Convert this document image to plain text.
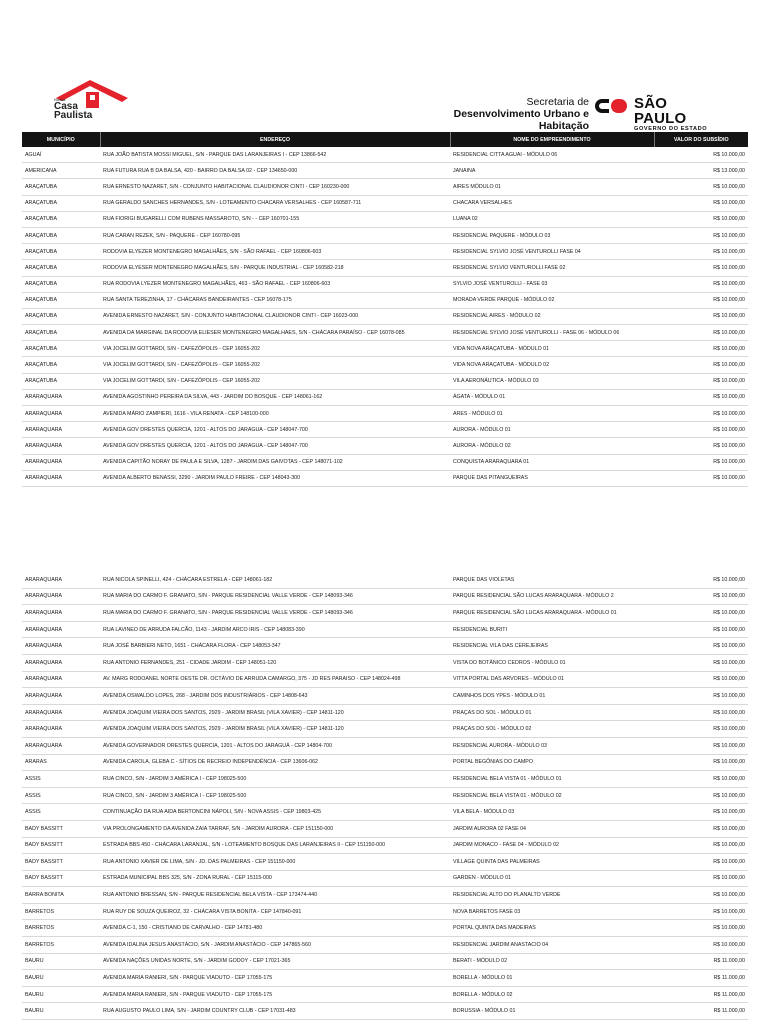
Nossa
Casa
Paulista
Secretaria de
Desenvolvimento Urbano e Habitação
SÃO PAULO
GOVERNO DO ESTADO
MUNICÍPIO	ENDEREÇO	NOME DO EMPREENDIMENTO	VALOR DO SUBSÍDIO
AGUAÍ	RUA JOÃO BATISTA MOSSI MIGUEL, S/N - PARQUE DAS LARANJEIRAS I - CEP 13866-542	RESIDENCIAL CITTA AGUAI - MÓDULO 06	R$ 10.000,00
AMERICANA	RUA FUTURA RUA B DA BALSA, 420 - BAIRRO DA BALSA 02 - CEP 134650-000	JANAINA	R$ 13.000,00
ARAÇATUBA	RUA ERNESTO NAZARET, S/N - CONJUNTO HABITACIONAL CLAUDIONOR CINTI - CEP 160230-000	AIRES MÓDULO 01	R$ 10.000,00
ARAÇATUBA	RUA GERALDO SANCHES HERNANDES, S/N - LOTEAMENTO CHACARA VERSALHES - CEP 160587-711	CHACARA VERSALHES	R$ 10.000,00
ARAÇATUBA	RUA FIORIGI BUGARELLI COM RUBENS MASSAROTO, S/N - - CEP 160701-155	LUANA 02	R$ 10.000,00
ARAÇATUBA	RUA CARAN REZEK, S/N - PAQUERE - CEP 160780-095	RESIDENCIAL PAQUERE - MÓDULO 03	R$ 10.000,00
ARAÇATUBA	RODOVIA ELYEZER MONTENEGRO MAGALHÃES, S/N - SÃO RAFAEL - CEP 160806-603	RESIDENCIAL SYLVIO JOSÉ VENTUROLLI FASE 04	R$ 10.000,00
ARAÇATUBA	RODOVIA ELYESER MONTENEGRO MAGALHÃES, S/N - PARQUE INDUSTRIAL - CEP 160582-218	RESIDENCIAL SYLVIO VENTUROLLI FASE 02	R$ 10.000,00
ARAÇATUBA	RUA RODOVIA LYEZER MONTENEGRO MAGALHÃES, 463 - SÃO RAFAEL - CEP 160806-603	SYLVIO JOSÉ VENTUROLLI - FASE 03	R$ 10.000,00
ARAÇATUBA	RUA SANTA TEREZINHA, 17 - CHÁCARAS BANDEIRANTES - CEP 16078-175	MORADA VERDE PARQUE - MÓDULO 02	R$ 10.000,00
ARAÇATUBA	AVENIDA ERNESTO NAZARET, S/N - CONJUNTO HABITACIONAL CLAUDIONOR CINTI - CEP 16023-000	RESIDENCIAL AIRES - MÓDULO 02	R$ 10.000,00
ARAÇATUBA	AVENIDA DA MARGINAL DA RODOVIA ELIESER MONTENEGRO MAGALHAES, S/N - CHÁCARA PARAÍSO - CEP 16078-085	RESIDENCIAL SYLVIO JOSÉ VENTUROLLI - FASE 06 - MÓDULO 06	R$ 10.000,00
ARAÇATUBA	VIA JOCELIM GOTTARDI, S/N - CAFEZÓPOLIS - CEP 16055-202	VIDA NOVA ARAÇATUBA - MÓDULO 01	R$ 10.000,00
ARAÇATUBA	VIA JOCELIM GOTTARDI, S/N - CAFEZÓPOLIS - CEP 16055-202	VIDA NOVA ARAÇATUBA - MÓDULO 02	R$ 10.000,00
ARAÇATUBA	VIA JOCELIM GOTTARDI, S/N - CAFEZÓPOLIS - CEP 16055-202	VILA AERONÁUTICA - MÓDULO 03	R$ 10.000,00
ARARAQUARA	AVENIDA AGOSTINHO PEREIRA DA SILVA, 443 - JARDIM DO BOSQUE - CEP 148061-162	ÁGATA - MÓDULO 01	R$ 10.000,00
ARARAQUARA	AVENIDA MÁRIO ZAMPIERI, 1616 - VILA RENATA - CEP 148100-000	ARES - MÓDULO 01	R$ 10.000,00
ARARAQUARA	AVENIDA GOV DRESTES QUERCIA, 1201 - ALTOS DO JARAGUA - CEP 148047-700	AURORA - MÓDULO 01	R$ 10.000,00
ARARAQUARA	AVENIDA GOV DRESTES QUERCIA, 1201 - ALTOS DO JARAGUA - CEP 148047-700	AURORA - MÓDULO 02	R$ 10.000,00
ARARAQUARA	AVENIDA CAPITÃO NORAY DE PAULA E SILVA, 1287 - JARDIM DAS GAIVOTAS - CEP 148071-102	CONQUISTA ARARAQUARA 01	R$ 10.000,00
ARARAQUARA	AVENIDA ALBERTO BENASSI, 3290 - JARDIM PAULO FREIRE - CEP 148043-300	PARQUE DAS PITANGUEIRAS	R$ 10.000,00
ARARAQUARA	RUA NICOLA SPINELLI, 424 - CHÁCARA ESTRELA - CEP 148061-182	PARQUE DAS VIOLETAS	R$ 10.000,00
ARARAQUARA	RUA MARIA DO CARMO F. GRANATO, S/N - PARQUE RESIDENCIAL VALLE VERDE - CEP 148093-346	PARQUE RESIDENCIAL SÃO LUCAS ARARAQUARA - MÓDULO 2	R$ 10.000,00
ARARAQUARA	RUA MARIA DO CARMO F. GRANATO, S/N - PARQUE RESIDENCIAL VALLE VERDE - CEP 148093-346	PARQUE RESIDENCIAL SÃO LUCAS ARARAQUARA - MÓDULO 01	R$ 10.000,00
ARARAQUARA	RUA LAVINEO DE ARRUDA FALCÃO, 1143 - JARDIM ARCO IRIS - CEP 148083-390	RESIDENCIAL BURITI	R$ 10.000,00
ARARAQUARA	RUA JOSÉ BARBIERI NETO, 1651 - CHÁCARA FLORA - CEP 148053-347	RESIDENCIAL VILA DAS CEREJEIRAS	R$ 10.000,00
ARARAQUARA	RUA ANTONIO FERNANDES, 251 - CIDADE JARDIM - CEP 148051-120	VISTA DO BOTÂNICO CEDROS - MÓDULO 01	R$ 10.000,00
ARARAQUARA	AV. MARG RODOANEL NORTE OESTE DR. OCTÁVIO DE ARRUDA CAMARGO, 375 - JD RES PARAISO - CEP 148024-498	VITTA PORTAL DAS ARVORES - MÓDULO 01	R$ 10.000,00
ARARAQUARA	AVENIDA OSWALDO LOPES, 268 - JARDIM DOS INDUSTRIÁRIOS - CEP 14808-643	CAMINHOS DOS YPES - MÓDULO 01	R$ 10.000,00
ARARAQUARA	AVENIDA JOAQUIM VIEIRA DOS SANTOS, 2929 - JARDIM BRASIL (VILA XAVIER) - CEP 14811-120	PRAÇAS DO SOL - MÓDULO 01	R$ 10.000,00
ARARAQUARA	AVENIDA JOAQUIM VIEIRA DOS SANTOS, 2929 - JARDIM BRASIL (VILA XAVIER) - CEP 14811-120	PRAÇAS DO SOL - MÓDULO 02	R$ 10.000,00
ARARAQUARA	AVENIDA GOVERNADOR ORESTES QUERCIA, 1201 - ALTOS DO JARAGUÁ - CEP 14804-700	RESIDENCIAL AURORA - MÓDULO 03	R$ 10.000,00
ARARAS	AVENIDA CAROLA, GLEBA C - SÍTIOS DE RECREIO INDEPENDÊNCIA - CEP 13606-062	PORTAL BEGÔNIAS DO CAMPO	R$ 10.000,00
ASSIS	RUA CINCO, S/N - JARDIM 3 AMÉRICA I - CEP 198025-500	RESIDENCIAL BELA VISTA 01 - MÓDULO 01	R$ 10.000,00
ASSIS	RUA CINCO, S/N - JARDIM 3 AMÉRICA I - CEP 198025-500	RESIDENCIAL BELA VISTA 01 - MÓDULO 02	R$ 10.000,00
ASSIS	CONTINUAÇÃO DA RUA AIDA BERTONCINI NÁPOLI, S/N - NOVA ASSIS - CEP 19803-425	VILA BELA - MÓDULO 03	R$ 10.000,00
BADY BASSITT	VIA PROLONGAMENTO DA AVENIDA ZAIA TARRAF, S/N - JARDIM AURORA - CEP 151150-000	JARDIM AURORA 02 FASE 04	R$ 10.000,00
BADY BASSITT	ESTRADA BBS 450 - CHÁCARA LARANJAL, S/N - LOTEAMENTO BOSQUE DAS LARANJEIRAS II - CEP 151150-000	JARDIM MONACO - FASE 04 - MÓDULO 02	R$ 10.000,00
BADY BASSITT	RUA ANTONIO XAVIER DE LIMA, S/N - JD. DAS PALMEIRAS - CEP 151150-000	VILLAGE QUINTA DAS PALMEIRAS	R$ 10.000,00
BADY BASSITT	ESTRADA MUNICIPAL BBS 325, S/N - ZONA RURAL - CEP 15115-000	GARDEN - MÓDULO 01	R$ 10.000,00
BARRA BONITA	RUA ANTONIO BRESSAN, S/N - PARQUE RESIDENCIAL BELA VISTA - CEP 173474-440	RESIDENCIAL ALTO DO PLANALTO VERDE	R$ 10.000,00
BARRETOS	RUA RUY DE SOUZA QUEIROZ, 32 - CHÁCARA VISTA BONITA - CEP 147840-091	NOVA BARRETOS FASE 03	R$ 10.000,00
BARRETOS	AVENIDA C-1, 150 - CRISTIANO DE CARVALHO - CEP 14781-480	PORTAL QUINTA DAS MADEIRAS	R$ 10.000,00
BARRETOS	AVENIDA IDALINA JESUS ANASTÁCIO, S/N - JARDIM ANASTÁCIO - CEP 147865-560	RESIDENCIAL JARDIM ANASTACIO 04	R$ 10.000,00
BAURU	AVENIDA NAÇÕES UNIDAS NORTE, S/N - JARDIM GODOY - CEP 17021-365	BERATI - MÓDULO 02	R$ 11.000,00
BAURU	AVENIDA MARIA RANIERI, S/N - PARQUE VIADUTO - CEP 17055-175	BORELLA - MÓDULO 01	R$ 11.000,00
BAURU	AVENIDA MARIA RANIERI, S/N - PARQUE VIADUTO - CEP 17055-175	BORELLA - MÓDULO 02	R$ 11.000,00
BAURU	RUA AUGUSTO PAULO LIMA, S/N - JARDIM COUNTRY CLUB - CEP 17031-483	BORUSSIA - MÓDULO 01	R$ 11.000,00
